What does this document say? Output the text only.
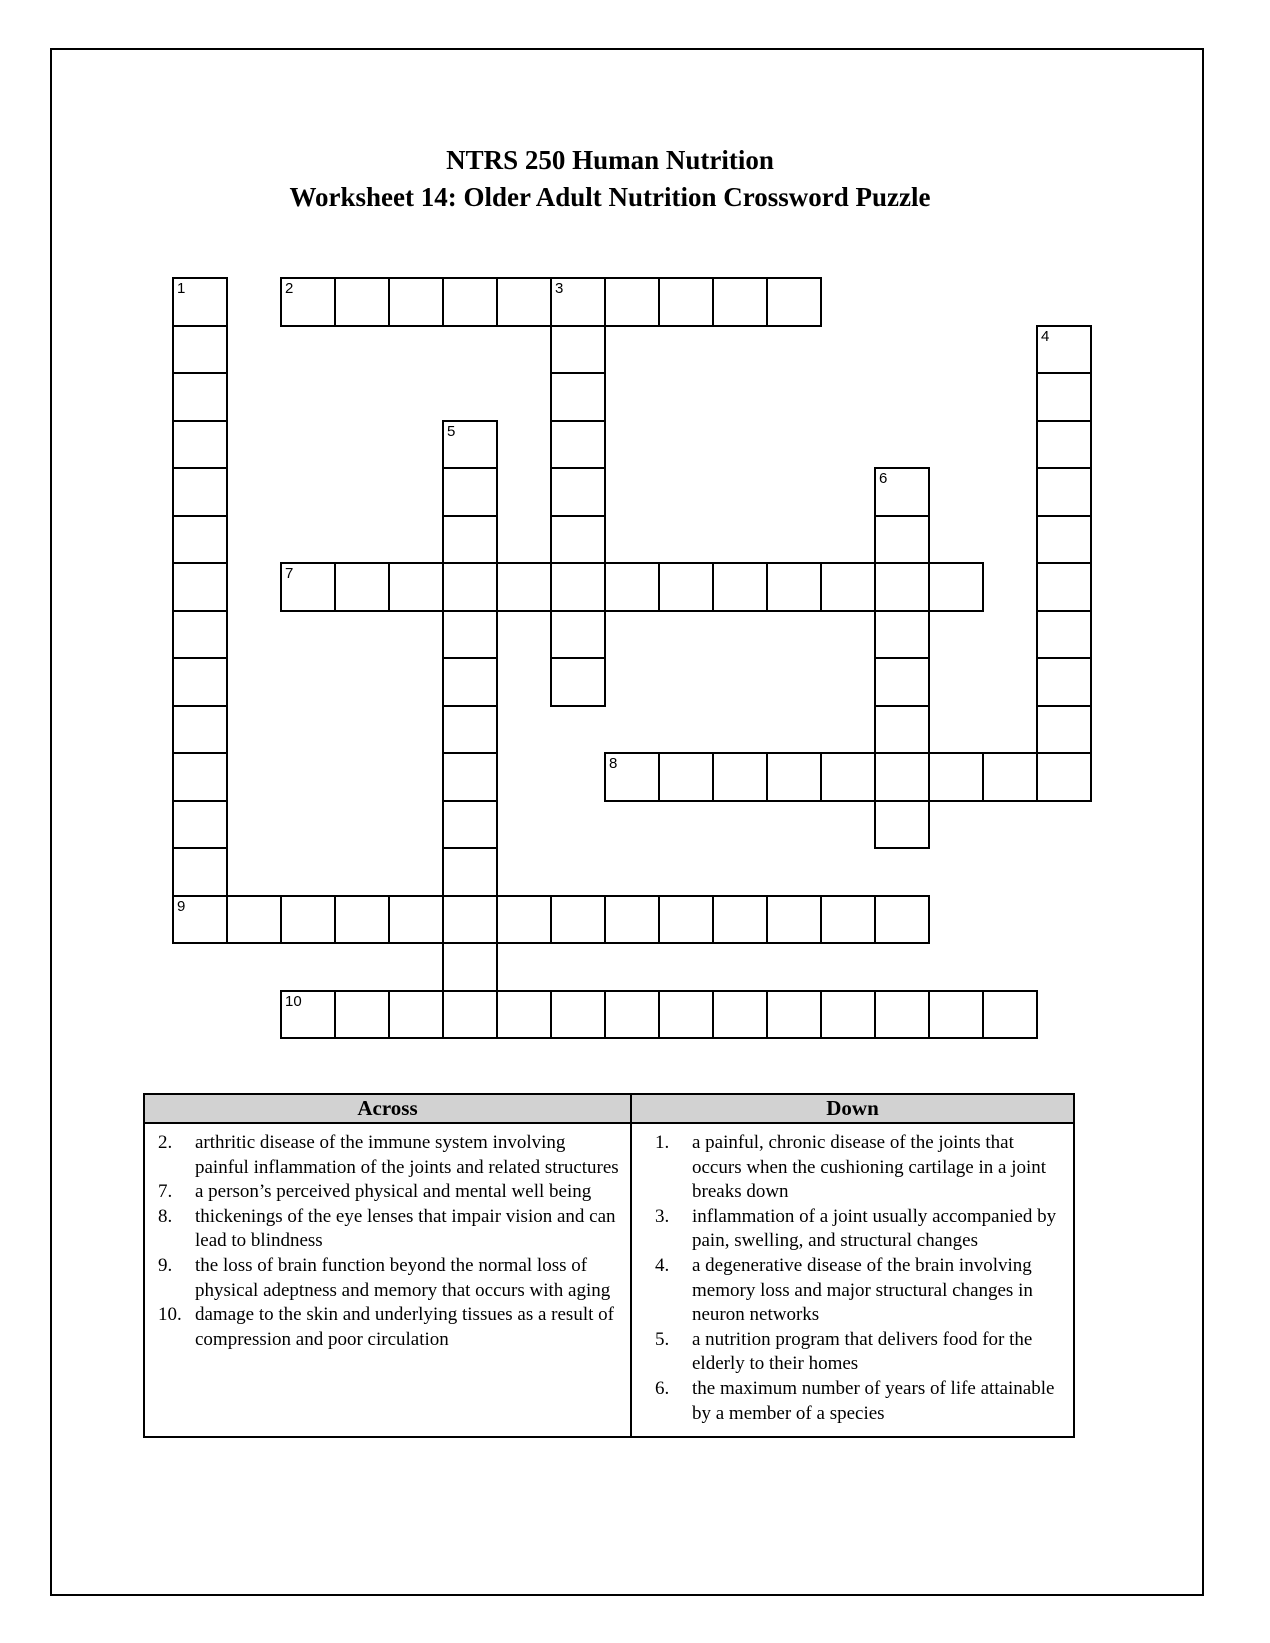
NTRS 250 Human Nutrition
Worksheet 14: Older Adult Nutrition Crossword Puzzle
1
9
2	3
4
5
6
7
8
10
Across
2.	arthritic disease of the immune system involving painful inflammation of the joints and related structures
7.	a person’s perceived physical and mental well being
8.	thickenings of the eye lenses that impair vision and can lead to blindness
9.	the loss of brain function beyond the normal loss of physical adeptness and memory that occurs with aging
10. damage to the skin and underlying tissues as a result of compression and poor circulation
Down
1.	a painful, chronic disease of the joints that occurs when the cushioning cartilage in a joint breaks down
3.	inflammation of a joint usually accompanied by pain, swelling, and structural changes
4.	a degenerative disease of the brain involving memory loss and major structural changes in neuron networks
5.	a nutrition program that delivers food for the elderly to their homes
6.	the maximum number of years of life attainable by a member of a species
